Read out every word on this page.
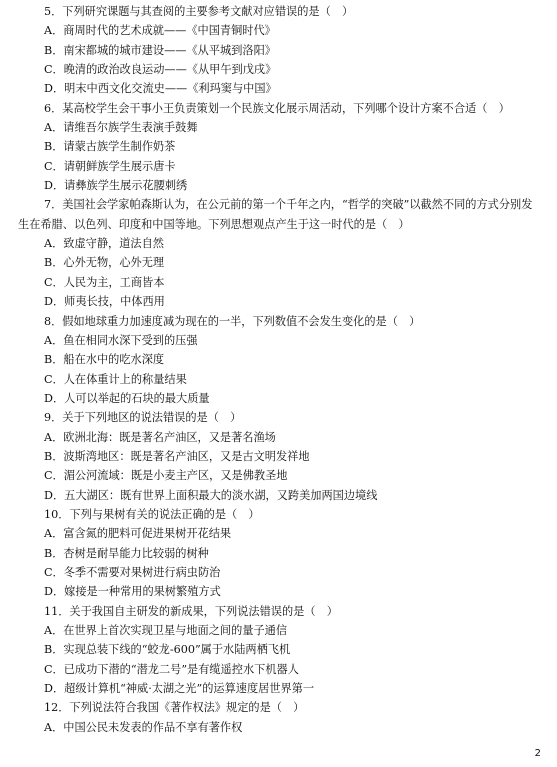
5．下列研究课题与其查阅的主要参考文献对应错误的是（　）
A．商周时代的艺术成就——《中国青铜时代》
B．南宋都城的城市建设——《从平城到洛阳》
C．晚清的政治改良运动——《从甲午到戊戌》
D．明末中西文化交流史——《利玛窦与中国》
6．某高校学生会干事小王负责策划一个民族文化展示周活动，下列哪个设计方案不合适（　）
A．请维吾尔族学生表演手鼓舞
B．请蒙古族学生制作奶茶
C．请朝鲜族学生展示唐卡
D．请彝族学生展示花腰刺绣
7．美国社会学家帕森斯认为，在公元前的第一个千年之内，“哲学的突破”以截然不同的方式分别发
生在希腊、以色列、印度和中国等地。下列思想观点产生于这一时代的是（　）
A．致虚守静，道法自然
B．心外无物，心外无理
C．人民为主，工商皆本
D．师夷长技，中体西用
8．假如地球重力加速度减为现在的一半，下列数值不会发生变化的是（　）
A．鱼在相同水深下受到的压强
B．船在水中的吃水深度
C．人在体重计上的称量结果
D．人可以举起的石块的最大质量
9．关于下列地区的说法错误的是（　）
A．欧洲北海：既是著名产油区，又是著名渔场
B．波斯湾地区：既是著名产油区，又是古文明发祥地
C．湄公河流域：既是小麦主产区，又是佛教圣地
D．五大湖区：既有世界上面积最大的淡水湖，又跨美加两国边境线
10．下列与果树有关的说法正确的是（　）
A．富含氮的肥料可促进果树开花结果
B．杏树是耐旱能力比较弱的树种
C．冬季不需要对果树进行病虫防治
D．嫁接是一种常用的果树繁殖方式
11．关于我国自主研发的新成果，下列说法错误的是（　）
A．在世界上首次实现卫星与地面之间的量子通信
B．实现总装下线的“蛟龙-600”属于水陆两栖飞机
C．已成功下潜的“潜龙二号”是有缆遥控水下机器人
D．超级计算机“神威·太湖之光”的运算速度居世界第一
12．下列说法符合我国《著作权法》规定的是（　）
A．中国公民未发表的作品不享有著作权
2
